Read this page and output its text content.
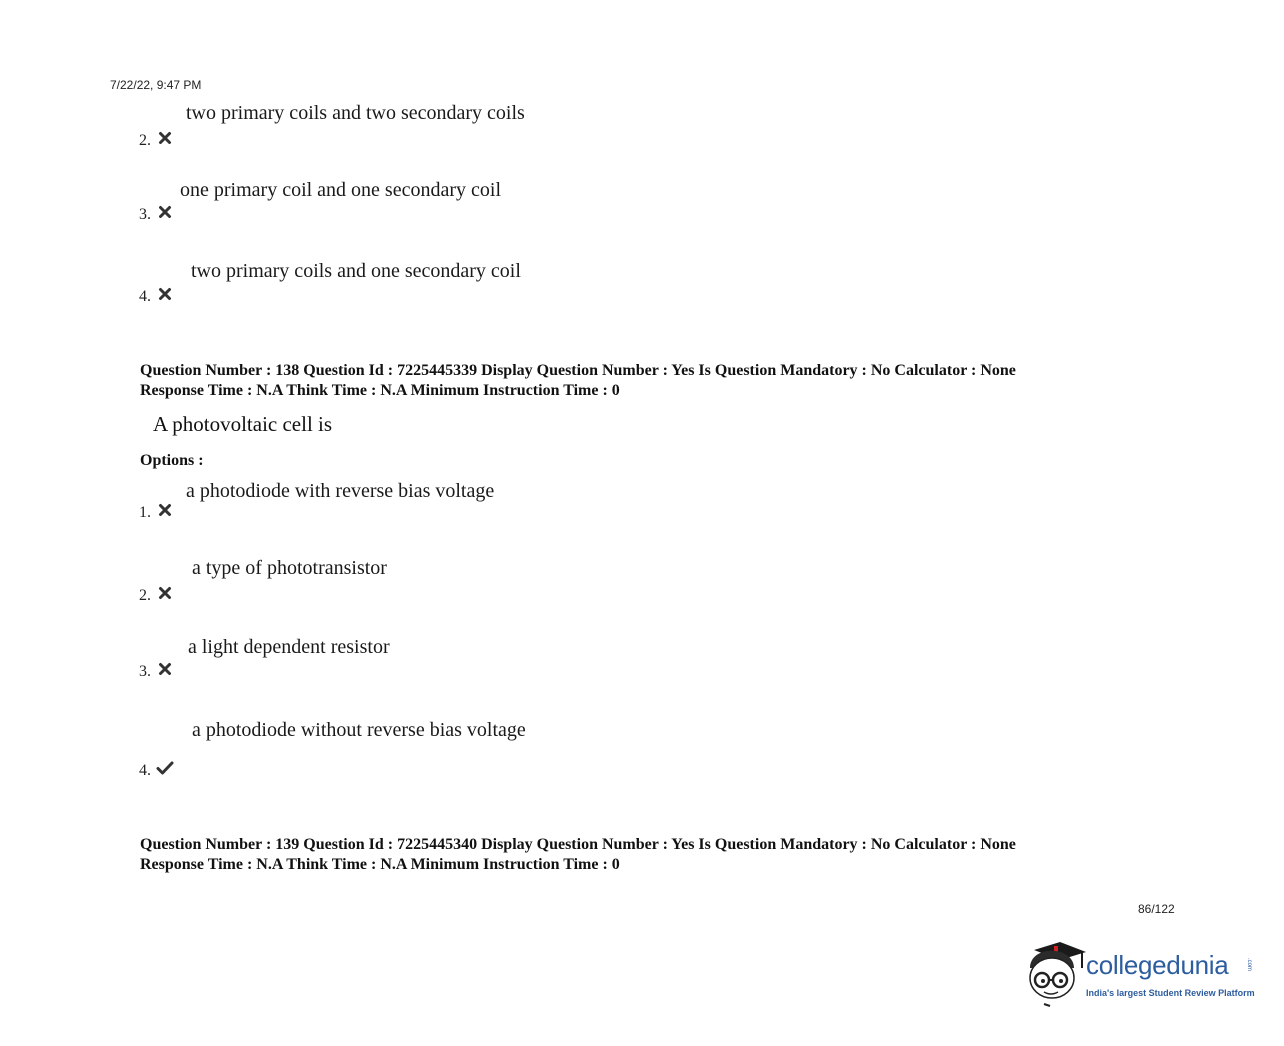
7/22/22, 9:47 PM
two primary coils and two secondary coils
2.
one primary coil and one secondary coil
3.
two primary coils and one secondary coil
4.
Question Number : 138 Question Id : 7225445339 Display Question Number : Yes Is Question Mandatory : No Calculator : None
Response Time : N.A Think Time : N.A Minimum Instruction Time : 0
A photovoltaic cell is
Options :
a photodiode with reverse bias voltage
1.
a type of phototransistor
2.
a light dependent resistor
3.
a photodiode without reverse bias voltage
4.
Question Number : 139 Question Id : 7225445340 Display Question Number : Yes Is Question Mandatory : No Calculator : None
Response Time : N.A Think Time : N.A Minimum Instruction Time : 0
86/122
collegedunia	.com
India's largest Student Review Platform
